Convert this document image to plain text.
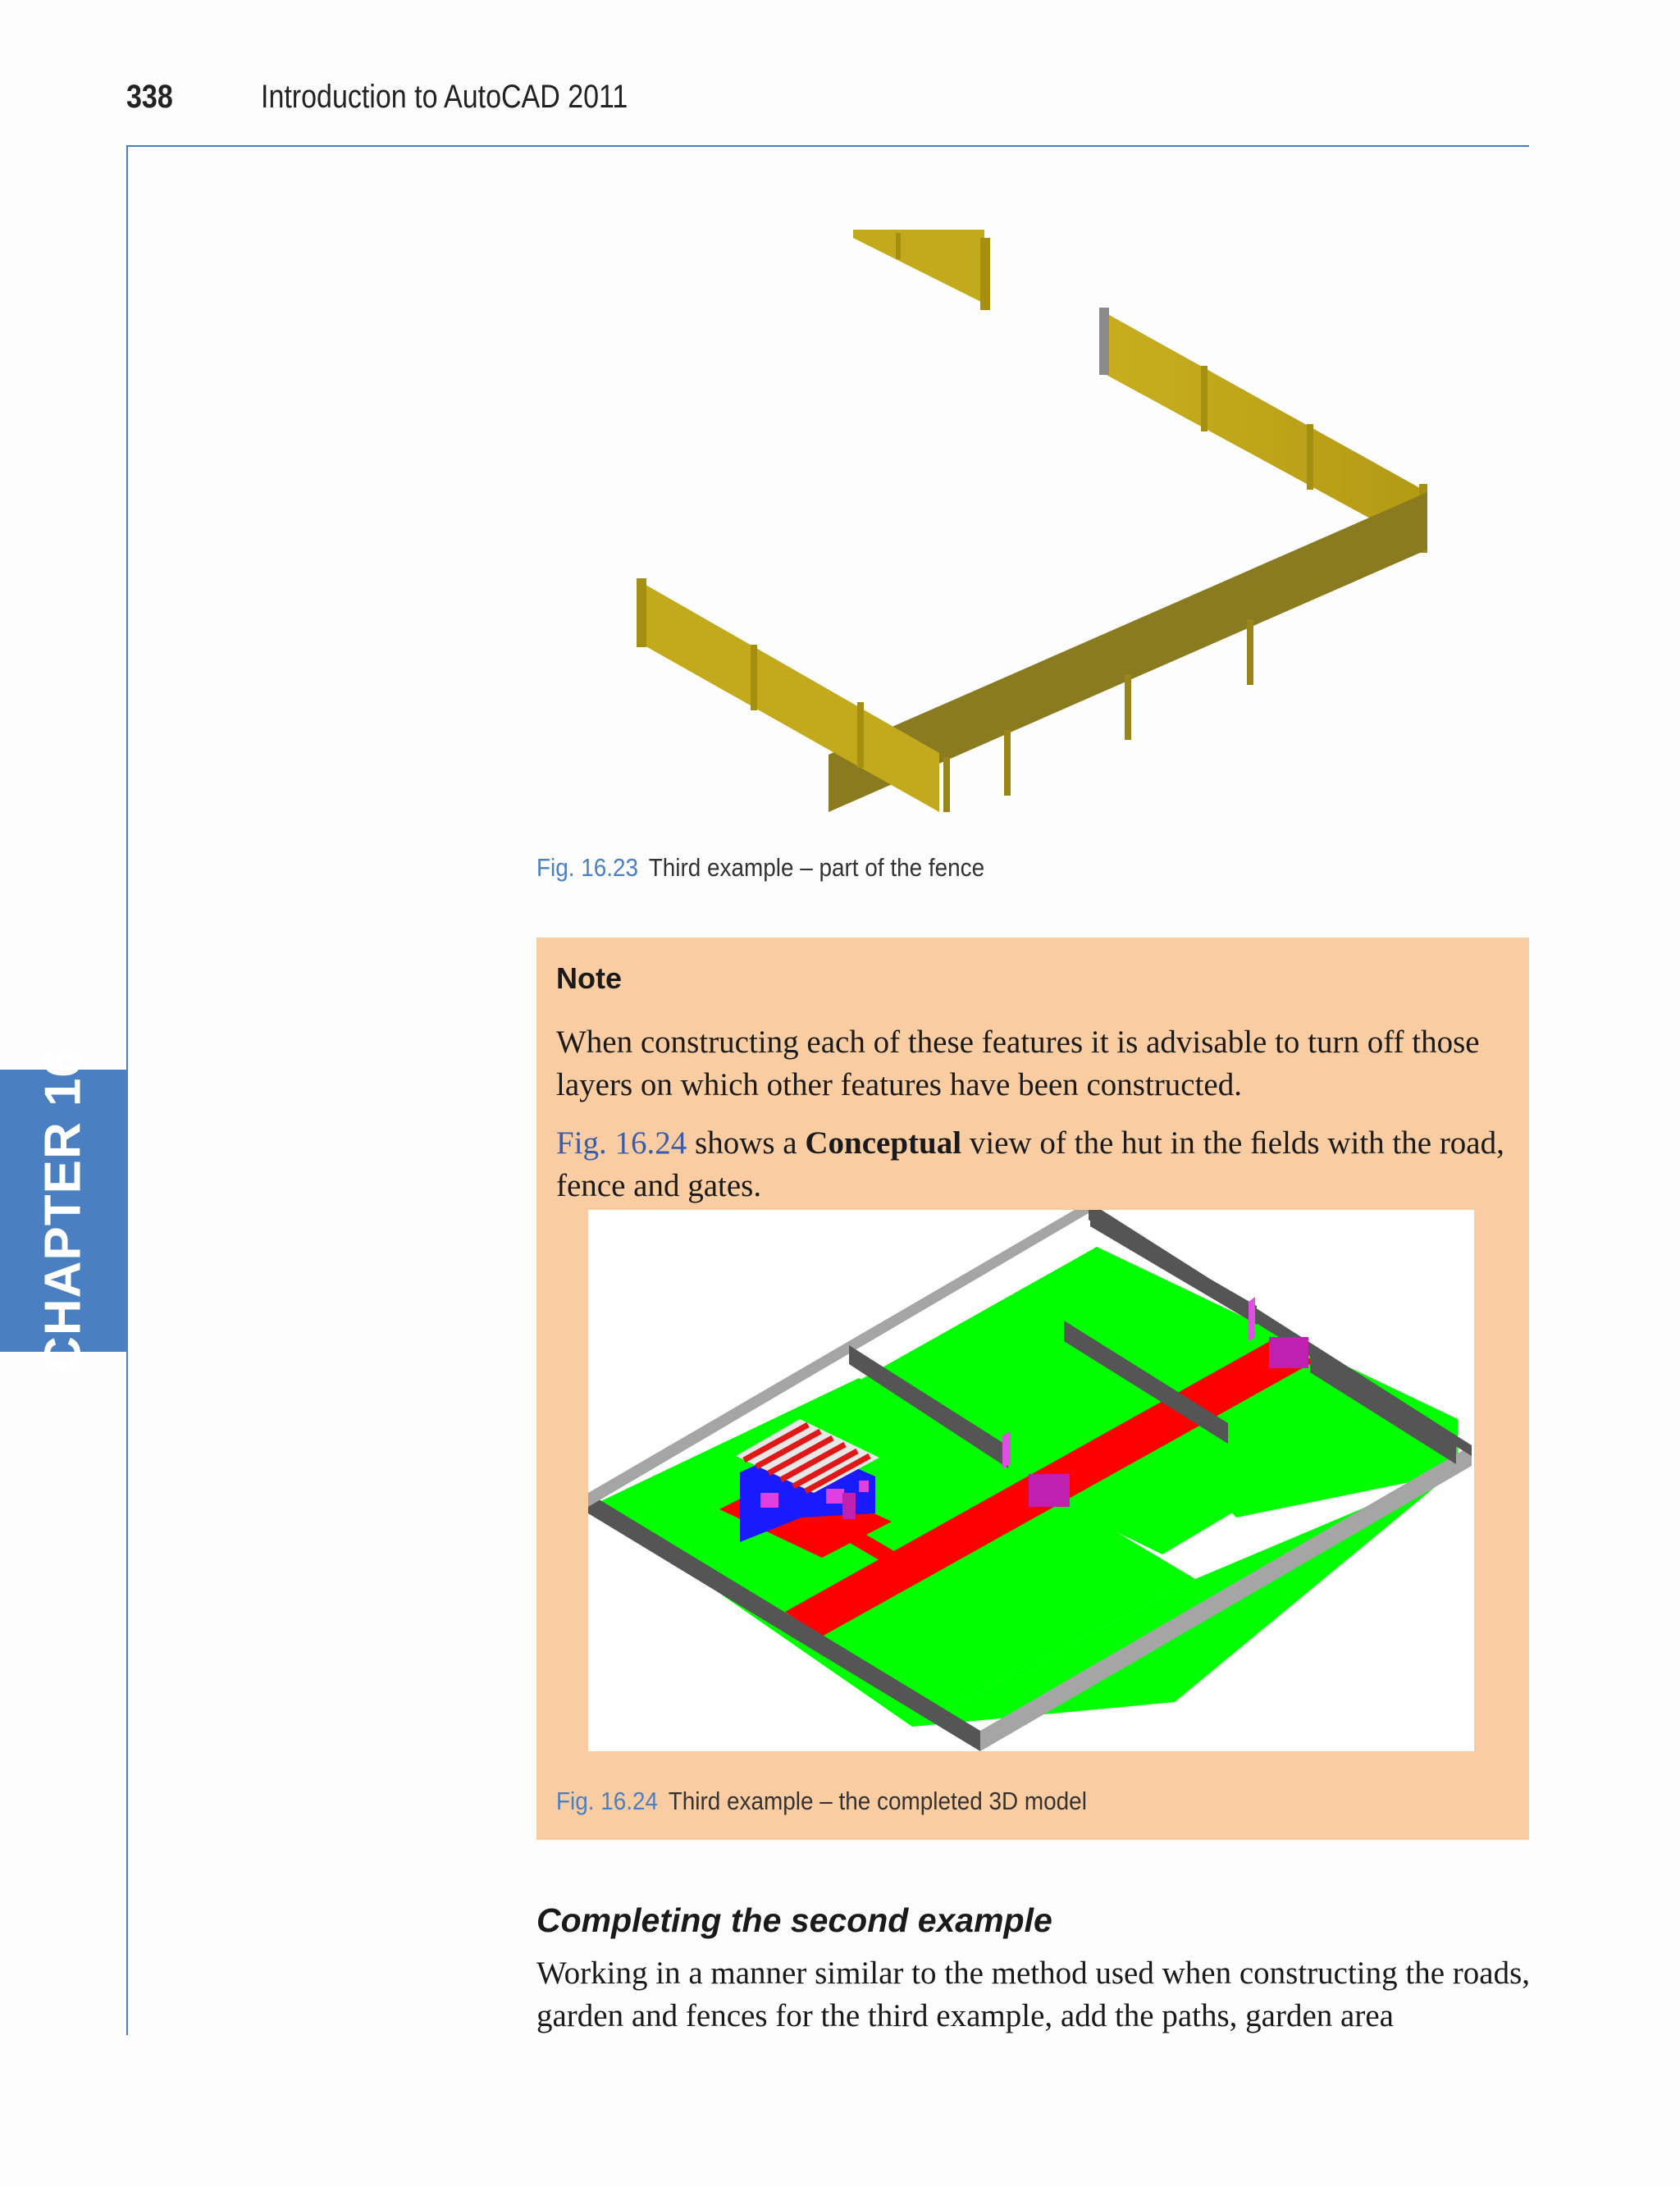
338	Introduction to AutoCAD 2011
CHAPTER 16
Fig. 16.23 Third example – part of the fence
Note
When constructing each of these features it is advisable to turn off those layers on which other features have been constructed.
Fig. 16.24 shows a Conceptual view of the hut in the ﬁelds with the road, fence and gates.
Fig. 16.24 Third example – the completed 3D model
Completing the second example
Working in a manner similar to the method used when constructing the roads, garden and fences for the third example, add the paths, garden area
